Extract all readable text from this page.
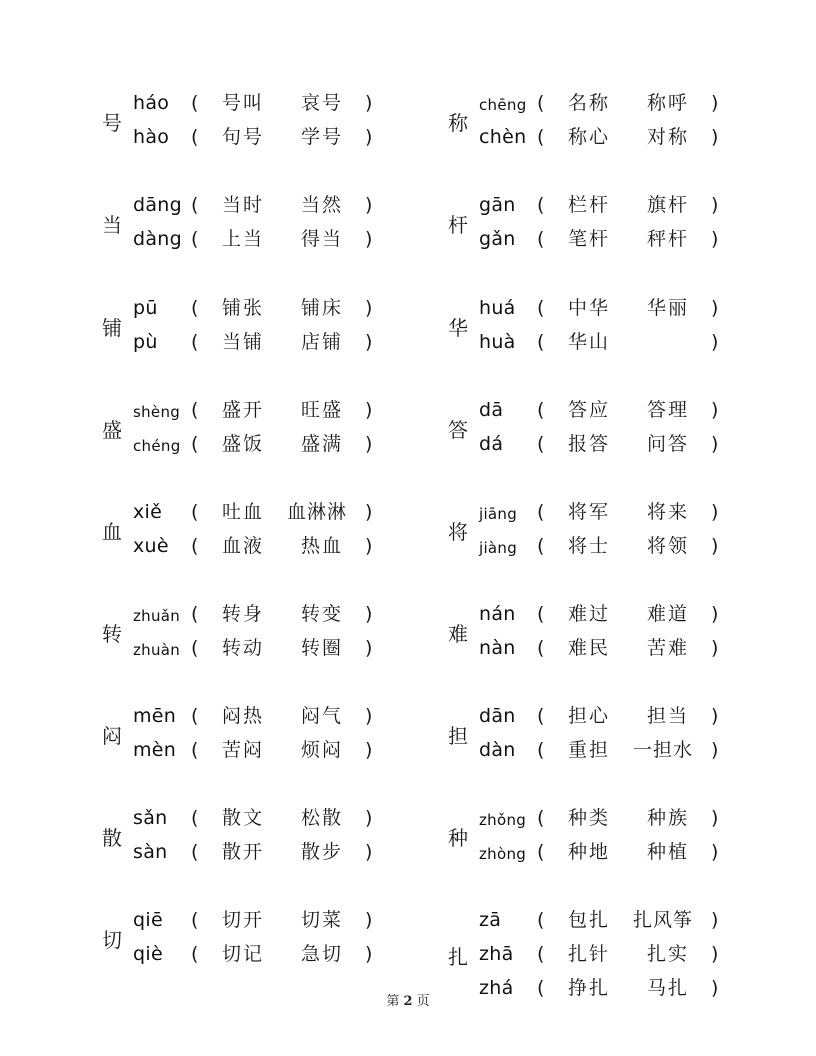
号
háo ( 号叫 哀号 )
hào ( 句号 学号 )
当
dāng ( 当时 当然 )
dàng ( 上当 得当 )
铺
pū ( 铺张 铺床 )
pù ( 当铺 店铺 )
盛
shèng ( 盛开 旺盛 )
chéng ( 盛饭 盛满 )
血
xiě ( 吐血 血淋淋 )
xuè ( 血液 热血 )
转
zhuǎn ( 转身 转变 )
zhuàn ( 转动 转圈 )
闷
mēn ( 闷热 闷气 )
mèn ( 苦闷 烦闷 )
散
sǎn ( 散文 松散 )
sàn ( 散开 散步 )
切
qiē ( 切开 切菜 )
qiè ( 切记 急切 )
称
chēng ( 名称 称呼 )
chèn ( 称心 对称 )
杆
gān ( 栏杆 旗杆 )
gǎn ( 笔杆 秤杆 )
华
huá ( 中华 华丽 )
huà ( 华山	)
答
dā ( 答应 答理 )
dá ( 报答 问答 )
将
jiāng ( 将军 将来 )
jiàng ( 将士 将领 )
难
nán ( 难过 难道 )
nàn ( 难民 苦难 )
担
dān ( 担心 担当 )
dàn ( 重担 一担水 )
种
zhǒng ( 种类 种族 )
zhòng ( 种地 种植 )
扎
zā ( 包扎 扎风筝 )
zhā ( 扎针 扎实 )
zhá ( 挣扎 马扎 )
第 2 页
